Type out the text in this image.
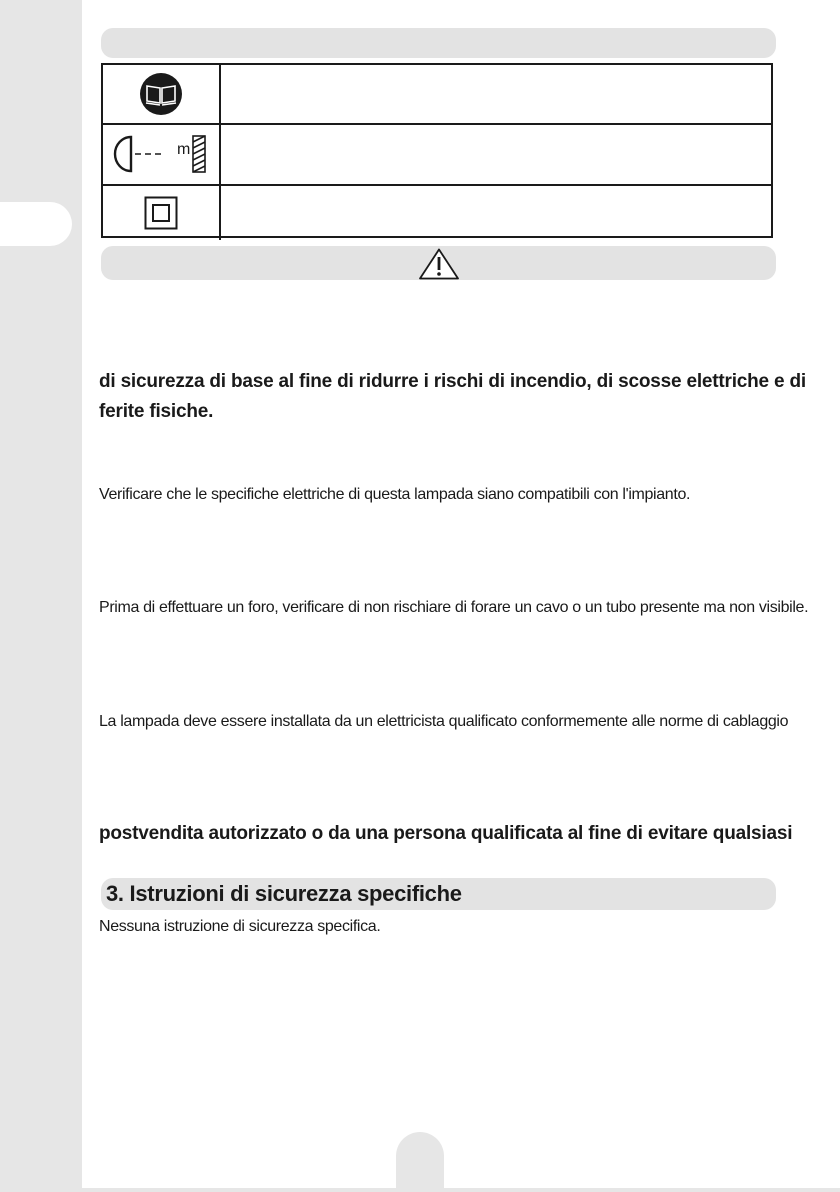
m
di sicurezza di base al fine di ridurre i rischi di incendio, di scosse elettriche e di
ferite fisiche.
Verificare che le specifiche elettriche di questa lampada siano compatibili con l'impianto.
Prima di effettuare un foro, verificare di non rischiare di forare un cavo o un tubo presente ma non visibile.
La lampada deve essere installata da un elettricista qualificato conformemente alle norme di cablaggio
postvendita autorizzato o da una persona qualificata al fine di evitare qualsiasi
3. Istruzioni di sicurezza specifiche
Nessuna istruzione di sicurezza specifica.
